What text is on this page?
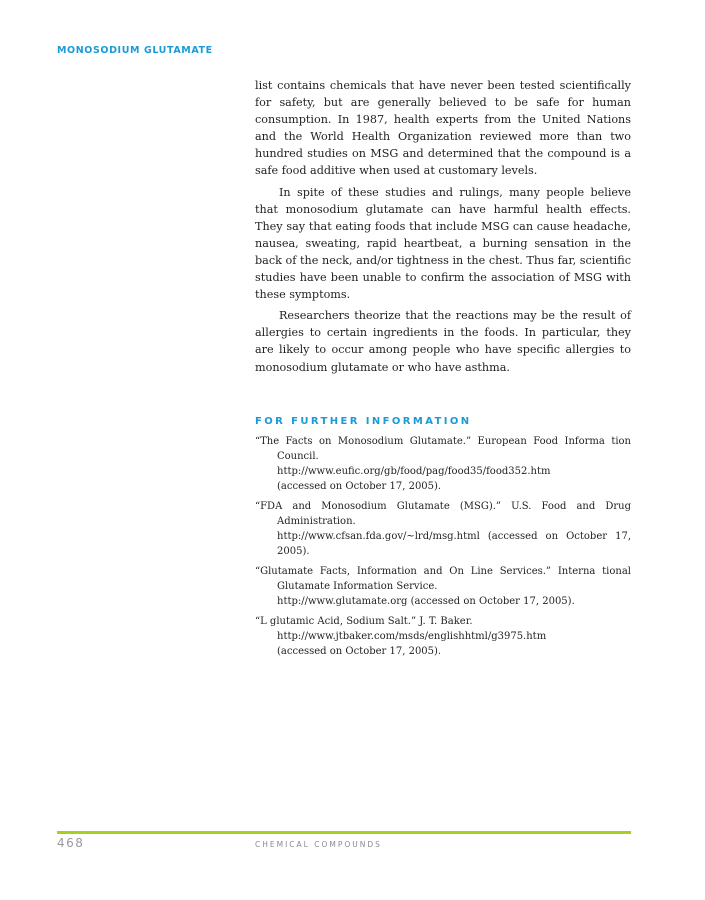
MONOSODIUM GLUTAMATE

list contains chemicals that have never been tested scientifically for safety, but are generally believed to be safe for human consumption. In 1987, health experts from the United Nations and the World Health Organization reviewed more than two hundred studies on MSG and determined that the compound is a safe food additive when used at customary levels.

In spite of these studies and rulings, many people believe that monosodium glutamate can have harmful health effects. They say that eating foods that include MSG can cause headache, nausea, sweating, rapid heartbeat, a burning sensation in the back of the neck, and/or tightness in the chest. Thus far, scientific studies have been unable to confirm the association of MSG with these symptoms.

Researchers theorize that the reactions may be the result of allergies to certain ingredients in the foods. In particular, they are likely to occur among people who have specific allergies to monosodium glutamate or who have asthma.

FOR FURTHER INFORMATION
“The Facts on Monosodium Glutamate.” European Food Informa tion Council.
http://www.eufic.org/gb/food/pag/food35/food352.htm
(accessed on October 17, 2005).
“FDA and Monosodium Glutamate (MSG).” U.S. Food and Drug Administration.
http://www.cfsan.fda.gov/~lrd/msg.html (accessed on October 17, 2005).
“Glutamate Facts, Information and On Line Services.” Interna tional Glutamate Information Service.
http://www.glutamate.org (accessed on October 17, 2005).
“L glutamic Acid, Sodium Salt.” J. T. Baker.
http://www.jtbaker.com/msds/englishhtml/g3975.htm
(accessed on October 17, 2005).
468	CHEMICAL COMPOUNDS
